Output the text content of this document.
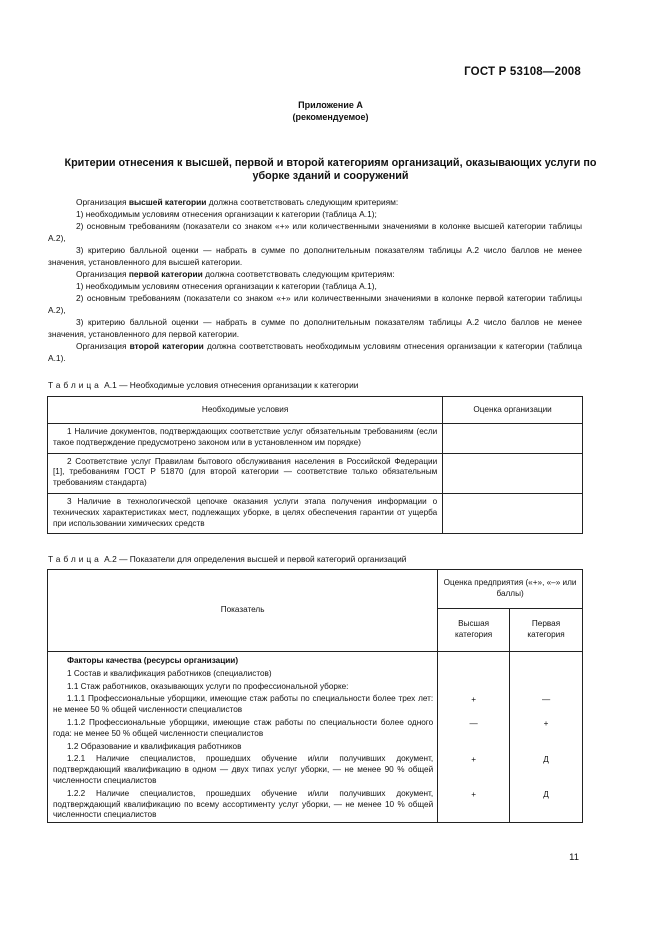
ГОСТ Р 53108—2008
Приложение А
(рекомендуемое)
Критерии отнесения к высшей, первой и второй категориям организаций, оказывающих услуги по уборке зданий и сооружений

Организация высшей категории должна соответствовать следующим критериям:

1) необходимым условиям отнесения организации к категории (таблица А.1);

2) основным требованиям (показатели со знаком «+» или количественными значениями в колонке высшей категории таблицы А.2),

3) критерию балльной оценки — набрать в сумме по дополнительным показателям таблицы А.2 число баллов не менее значения, установленного для высшей категории.

Организация первой категории должна соответствовать следующим критериям:

1) необходимым условиям отнесения организации к категории (таблица А.1),

2) основным требованиям (показатели со знаком «+» или количественными значениями в колонке первой категории таблицы А.2),

3) критерию балльной оценки — набрать в сумме по дополнительным показателям таблицы А.2 число баллов не менее значения, установленного для первой категории.

Организация второй категории должна соответствовать необходимым условиям отнесения организации к категории (таблица А.1).

Таблица А.1 — Необходимые условия отнесения организации к категории
Необходимые условия	Оценка организации
1 Наличие документов, подтверждающих соответствие услуг обязательным требованиям (если такое подтверждение предусмотрено законом или в установленном им порядке)	
2 Соответствие услуг Правилам бытового обслуживания населения в Российской Федерации [1], требованиям ГОСТ Р 51870 (для второй категории — соответствие только обязательным требованиям стандарта)	
3 Наличие в технологической цепочке оказания услуги этапа получения информации о технических характеристиках мест, подлежащих уборке, в целях обеспечения гарантии от ущерба при использовании химических средств	
Таблица А.2 — Показатели для определения высшей и первой категорий организаций
Показатель	Оценка предприятия («+», «–» или баллы)	
	Высшая категория	Первая категория
Факторы качества (ресурсы организации)		
1 Состав и квалификация работников (специалистов)		
1.1 Стаж работников, оказывающих услуги по профессиональной уборке:		
1.1.1 Профессиональные уборщики, имеющие стаж работы по специальности более трех лет: не менее 50 % общей численности специалистов	+	—
1.1.2 Профессиональные уборщики, имеющие стаж работы по специальности более одного года: не менее 50 % общей численности специалистов	—	+
1.2 Образование и квалификация работников		
1.2.1 Наличие специалистов, прошедших обучение и/или получивших документ, подтверждающий квалификацию в одном — двух типах услуг уборки, — не менее 90 % общей численности специалистов	+	Д
1.2.2 Наличие специалистов, прошедших обучение и/или получивших документ, подтверждающий квалификацию по всему ассортименту услуг уборки, — не менее 10 % общей численности специалистов	+	Д
11
